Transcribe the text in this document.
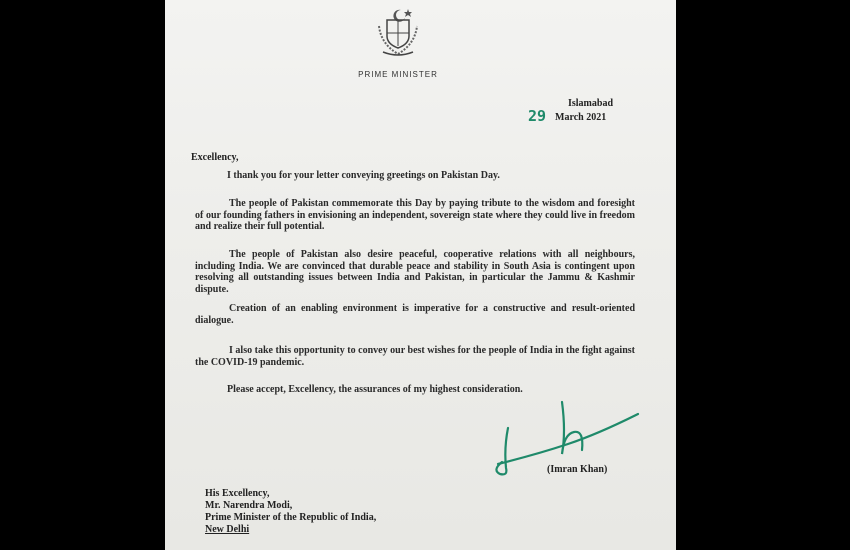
PRIME MINISTER
Islamabad
29 March 2021
Excellency,
I thank you for your letter conveying greetings on Pakistan Day.
The people of Pakistan commemorate this Day by paying tribute to the wisdom and foresight of our founding fathers in envisioning an independent, sovereign state where they could live in freedom and realize their full potential.
The people of Pakistan also desire peaceful, cooperative relations with all neighbours, including India. We are convinced that durable peace and stability in South Asia is contingent upon resolving all outstanding issues between India and Pakistan, in particular the Jammu & Kashmir dispute.
Creation of an enabling environment is imperative for a constructive and result-oriented dialogue.
I also take this opportunity to convey our best wishes for the people of India in the fight against the COVID-19 pandemic.
Please accept, Excellency, the assurances of my highest consideration.
(Imran Khan)
His Excellency,
Mr. Narendra Modi,
Prime Minister of the Republic of India,
New Delhi
